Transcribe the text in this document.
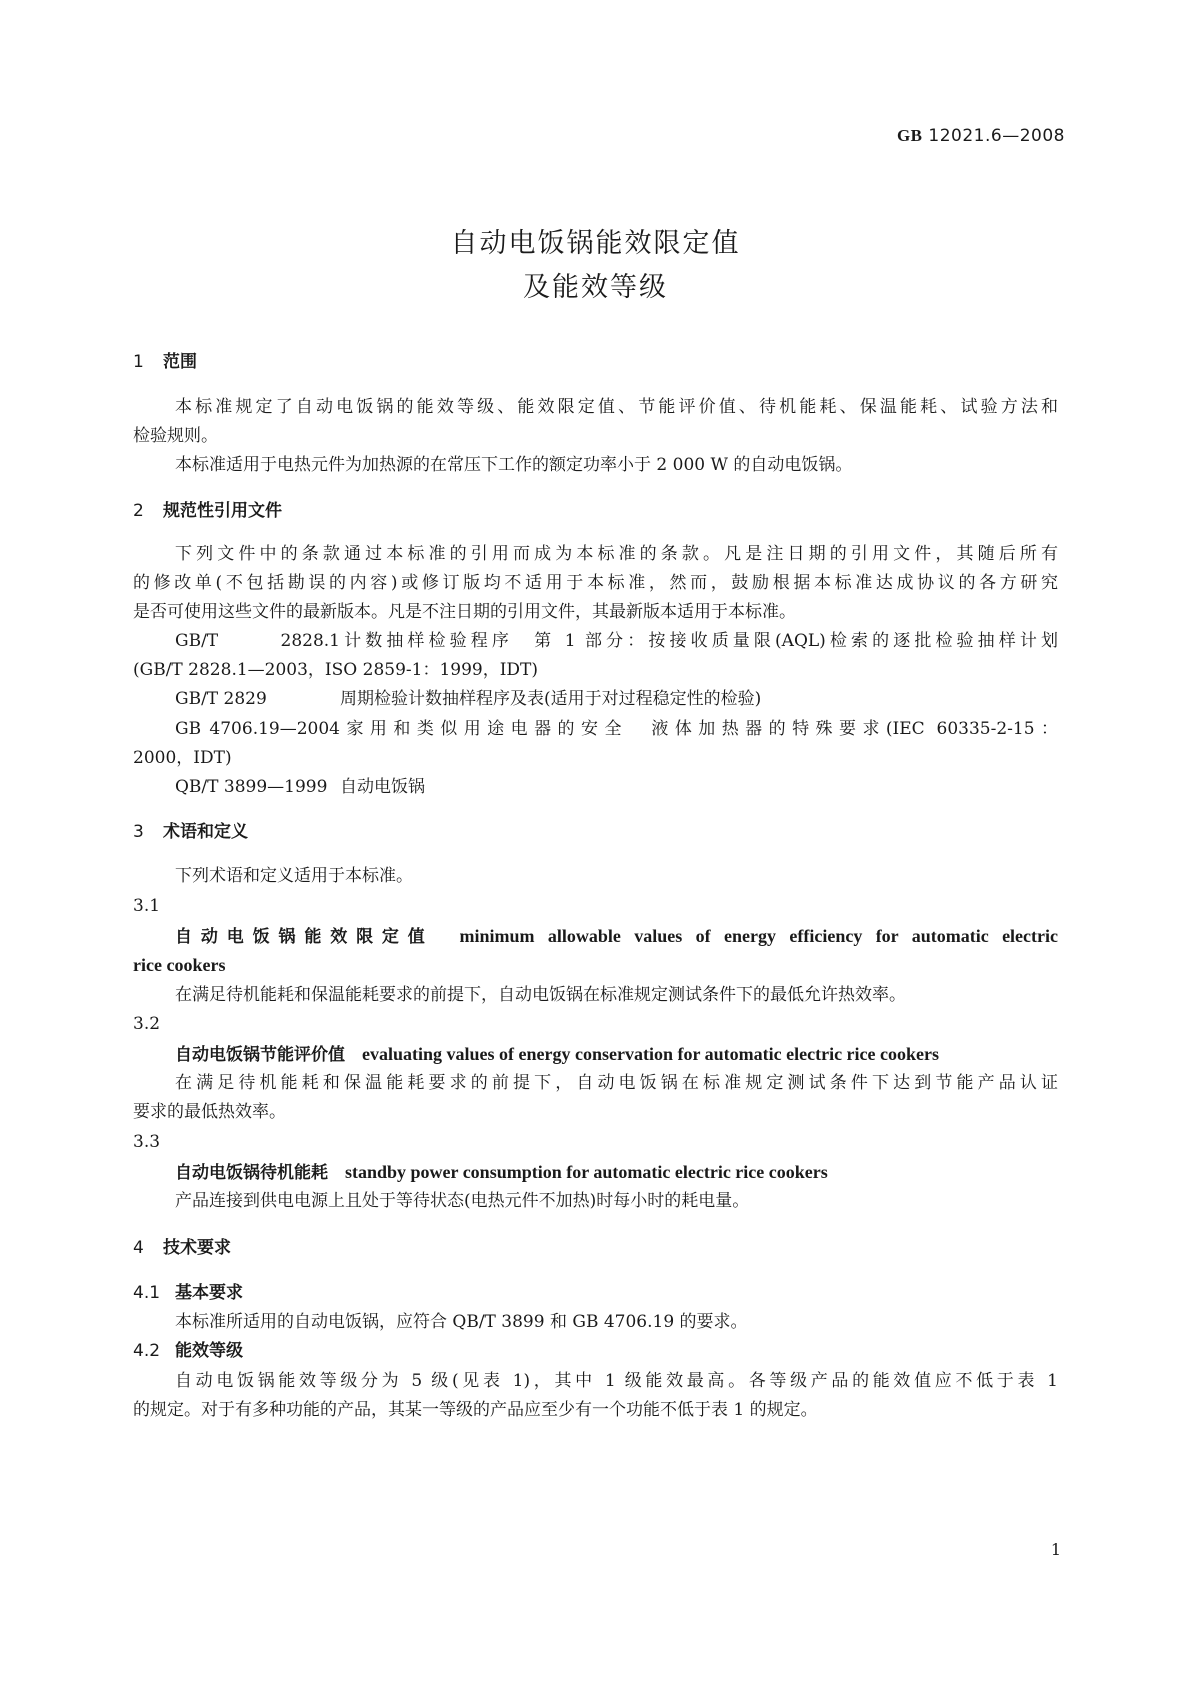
GB 12021.6—2008
自动电饭锅能效限定值
及能效等级
1 范围
本标准规定了自动电饭锅的能效等级、能效限定值、节能评价值、待机能耗、保温能耗、试验方法和
检验规则。
本标准适用于电热元件为加热源的在常压下工作的额定功率小于 2 000 W 的自动电饭锅。
2 规范性引用文件
下列文件中的条款通过本标准的引用而成为本标准的条款。凡是注日期的引用文件，其随后所有
的修改单(不包括勘误的内容)或修订版均不适用于本标准，然而，鼓励根据本标准达成协议的各方研究
是否可使用这些文件的最新版本。凡是不注日期的引用文件，其最新版本适用于本标准。
GB/T 2828.1计数抽样检验程序　第 1 部分：按接收质量限(AQL)检索的逐批检验抽样计划
(GB/T 2828.1—2003，ISO 2859-1：1999，IDT)
GB/T 2829	周期检验计数抽样程序及表(适用于对过程稳定性的检验)
GB 4706.19—2004家用和类似用途电器的安全　液体加热器的特殊要求(IEC 60335-2-15：
2000，IDT)
QB/T 3899—1999 自动电饭锅
3 术语和定义
下列术语和定义适用于本标准。
3.1
自动电饭锅能效限定值　 minimum allowable values of energy efficiency for automatic electric
rice cookers
在满足待机能耗和保温能耗要求的前提下，自动电饭锅在标准规定测试条件下的最低允许热效率。
3.2
自动电饭锅节能评价值　 evaluating values of energy conservation for automatic electric rice cookers
在满足待机能耗和保温能耗要求的前提下，自动电饭锅在标准规定测试条件下达到节能产品认证
要求的最低热效率。
3.3
自动电饭锅待机能耗　 standby power consumption for automatic electric rice cookers
产品连接到供电电源上且处于等待状态(电热元件不加热)时每小时的耗电量。
4 技术要求
4.1 基本要求
本标准所适用的自动电饭锅，应符合 QB/T 3899 和 GB 4706.19 的要求。
4.2 能效等级
自动电饭锅能效等级分为 5 级(见表 1)，其中 1 级能效最高。各等级产品的能效值应不低于表 1
的规定。对于有多种功能的产品，其某一等级的产品应至少有一个功能不低于表 1 的规定。
1
